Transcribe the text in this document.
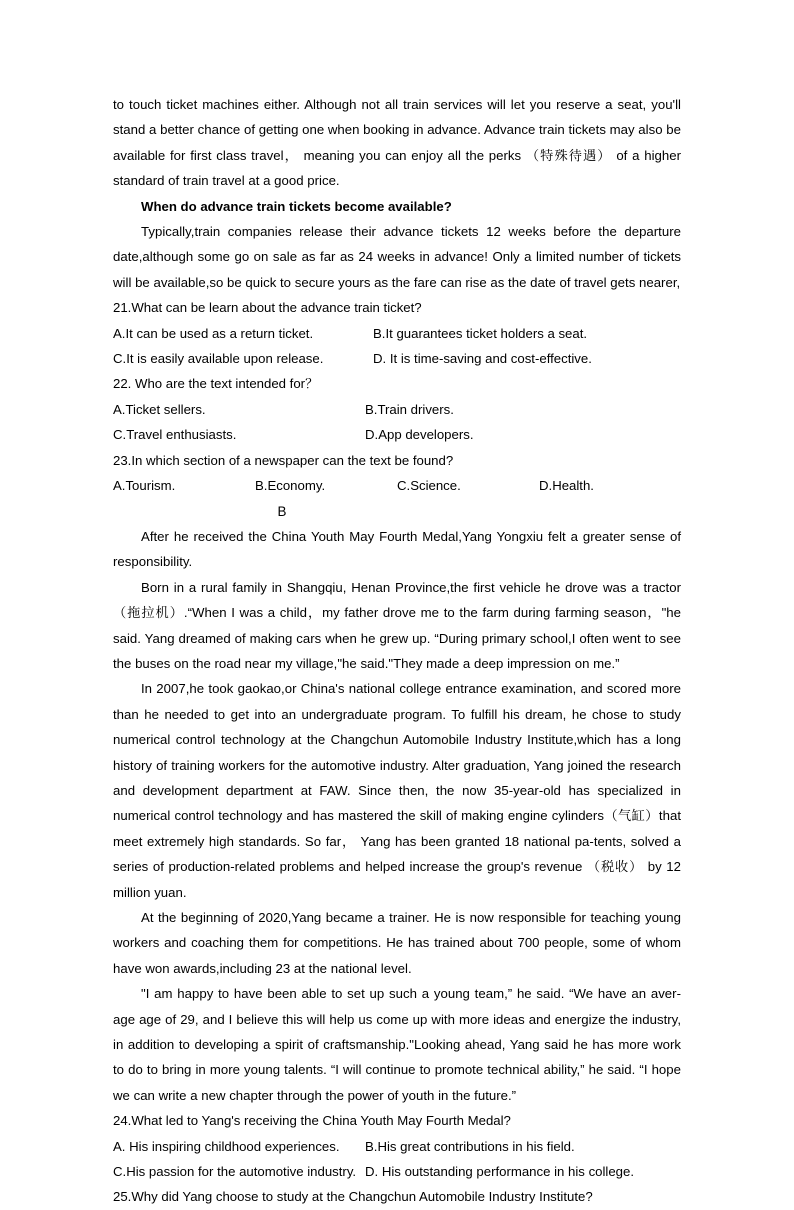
to touch ticket machines either. Although not all train services will let you reserve a seat, you'll stand a better chance of getting one when booking in advance. Advance train tickets may also be available for first class travel， meaning you can enjoy all the perks （特殊待遇） of a higher standard of train travel at a good price.

When do advance train tickets become available?

Typically,train companies release their advance tickets 12 weeks before the departure date,although some go on sale as far as 24 weeks in advance! Only a limited number of tickets will be available,so be quick to secure yours as the fare can rise as the date of travel gets nearer,

21.What can be learn about the advance train ticket?

A.It can be used as a return ticket.	B.It guarantees ticket holders a seat.
C.It is easily available upon release.	D. It is time-saving and cost-effective.

22. Who are the text intended for？

A.Ticket sellers.	B.Train drivers.
C.Travel enthusiasts.	D.App developers.

23.In which section of a newspaper can the text be found?

A.Tourism.	B.Economy.	C.Science.	D.Health.

B

After he received the China Youth May Fourth Medal,Yang Yongxiu felt a greater sense of responsibility.

Born in a rural family in Shangqiu, Henan Province,the first vehicle he drove was a tractor（拖拉机）.“When I was a child，my father drove me to the farm during farming season，"he said. Yang dreamed of making cars when he grew up. “During primary school,I often went to see the buses on the road near my village,"he said."They made a deep impression on me.”

In 2007,he took gaokao,or China's national college entrance examination, and scored more than he needed to get into an undergraduate program. To fulfill his dream, he chose to study numerical control technology at the Changchun Automobile Industry Institute,which has a long history of training workers for the automotive industry. Alter graduation, Yang joined the research and development department at FAW. Since then, the now 35-year-old has specialized in numerical control technology and has mastered the skill of making engine cylinders（气缸）that meet extremely high standards. So far， Yang has been granted 18 national pa-tents, solved a series of production-related problems and helped increase the group's revenue （税收） by 12 million yuan.

At the beginning of 2020,Yang became a trainer. He is now responsible for teaching young workers and coaching them for competitions. He has trained about 700 people, some of whom have won awards,including 23 at the national level.

"I am happy to have been able to set up such a young team,” he said. “We have an aver-age age of 29, and I believe this will help us come up with more ideas and energize the industry, in addition to developing a spirit of craftsmanship."Looking ahead, Yang said he has more work to do to bring in more young talents. “I will continue to promote technical ability,” he said. “I hope we can write a new chapter through the power of youth in the future.”

24.What led to Yang's receiving the China Youth May Fourth Medal?

A. His inspiring childhood experiences.	B.His great contributions in his field.
C.His passion for the automotive industry. D. His outstanding performance in his college.

25.Why did Yang choose to study at the Changchun Automobile Industry Institute?
